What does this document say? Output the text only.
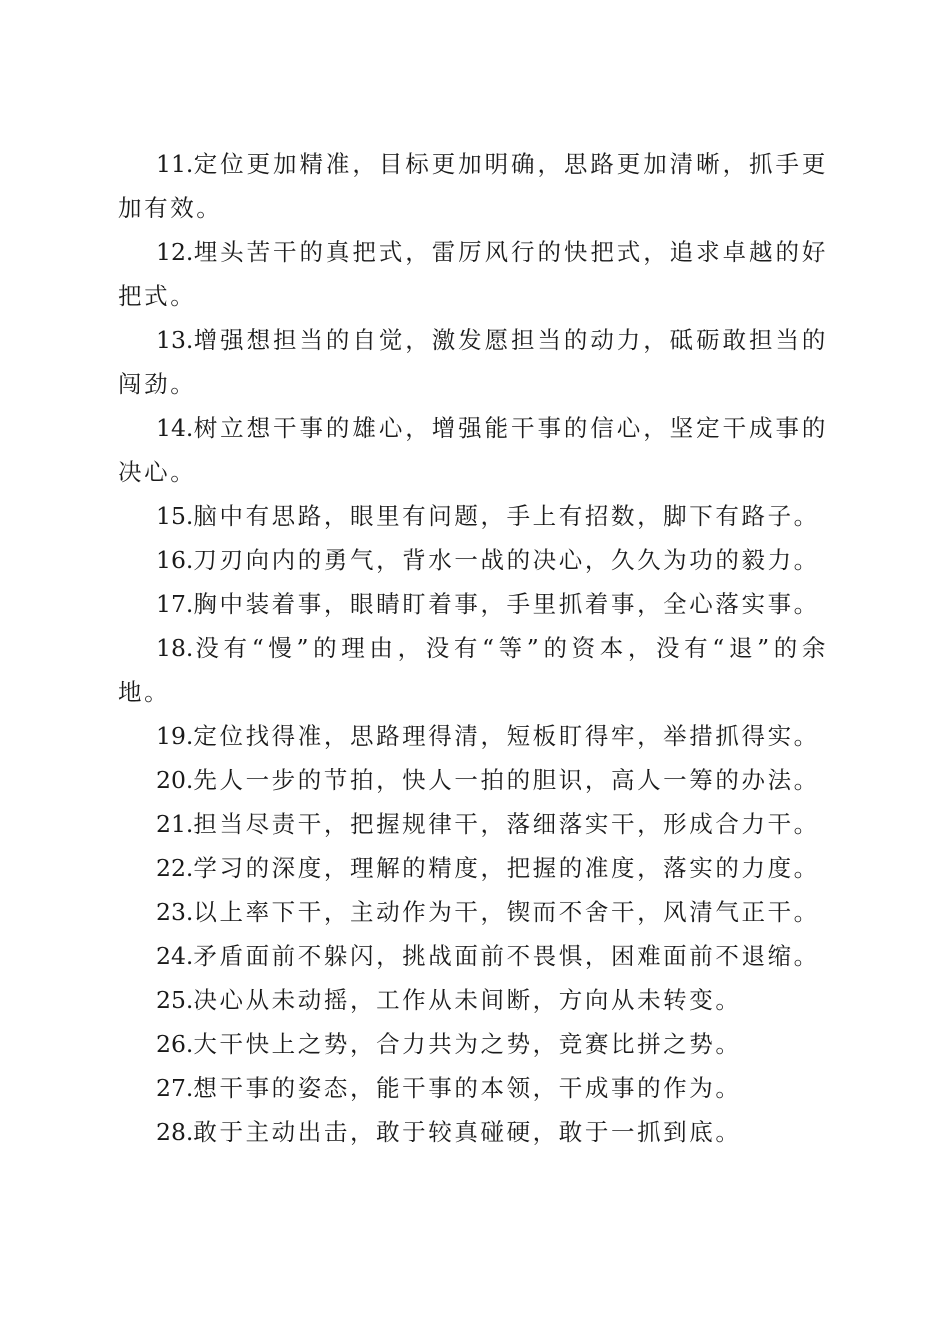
11.定位更加精准，目标更加明确，思路更加清晰，抓手更加有效。

12.埋头苦干的真把式，雷厉风行的快把式，追求卓越的好把式。

13.增强想担当的自觉，激发愿担当的动力，砥砺敢担当的闯劲。

14.树立想干事的雄心，增强能干事的信心，坚定干成事的决心。

15.脑中有思路，眼里有问题，手上有招数，脚下有路子。

16.刀刃向内的勇气，背水一战的决心，久久为功的毅力。

17.胸中装着事，眼睛盯着事，手里抓着事，全心落实事。

18.没有“慢”的理由，没有“等”的资本，没有“退”的余地。

19.定位找得准，思路理得清，短板盯得牢，举措抓得实。

20.先人一步的节拍，快人一拍的胆识，高人一筹的办法。

21.担当尽责干，把握规律干，落细落实干，形成合力干。

22.学习的深度，理解的精度，把握的准度，落实的力度。

23.以上率下干，主动作为干，锲而不舍干，风清气正干。

24.矛盾面前不躲闪，挑战面前不畏惧，困难面前不退缩。

25.决心从未动摇，工作从未间断，方向从未转变。

26.大干快上之势，合力共为之势，竞赛比拼之势。

27.想干事的姿态，能干事的本领，干成事的作为。

28.敢于主动出击，敢于较真碰硬，敢于一抓到底。
